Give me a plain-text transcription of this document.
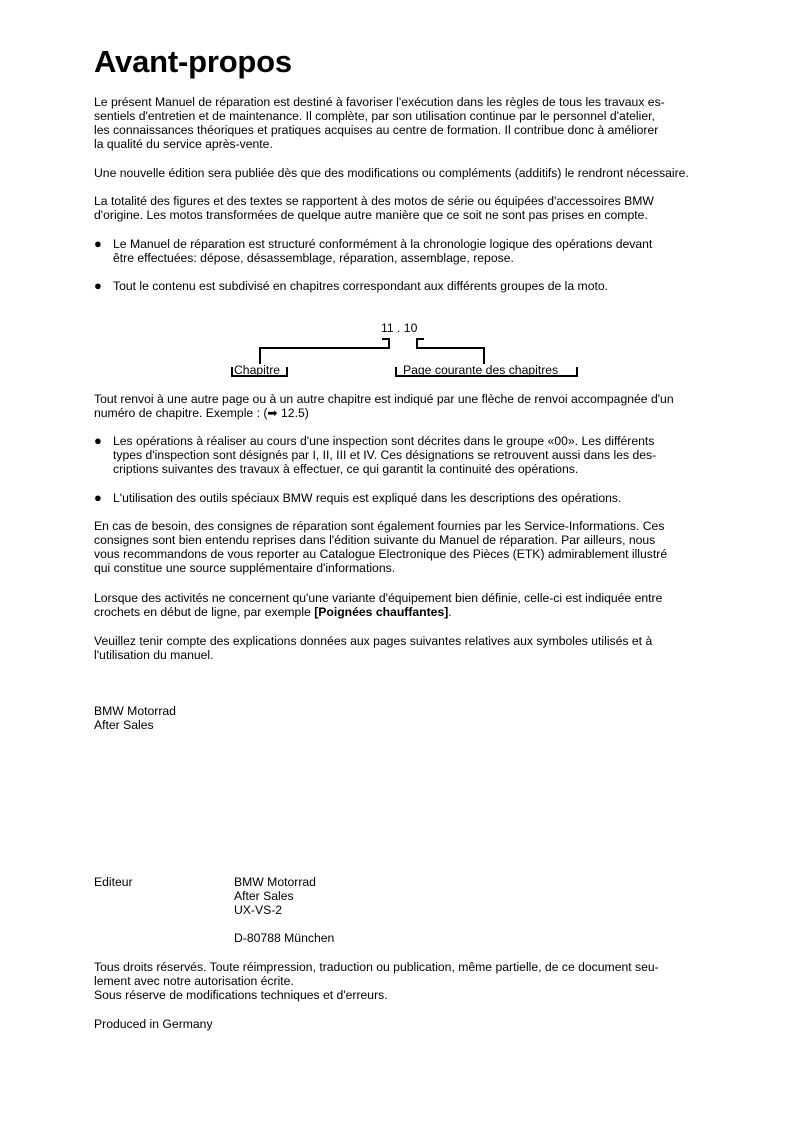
Avant-propos
Le présent Manuel de réparation est destiné à favoriser l'exécution dans les règles de tous les travaux es-
sentiels d'entretien et de maintenance. Il complète, par son utilisation continue par le personnel d'atelier,
les connaissances théoriques et pratiques acquises au centre de formation. Il contribue donc à améliorer
la qualité du service après-vente.
Une nouvelle édition sera publiée dès que des modifications ou compléments (additifs) le rendront nécessaire.
La totalité des figures et des textes se rapportent à des motos de série ou équipées d'accessoires BMW
d'origine. Les motos transformées de quelque autre manière que ce soit ne sont pas prises en compte.
● Le Manuel de réparation est structuré conformément à la chronologie logique des opérations devant
être effectuées: dépose, désassemblage, réparation, assemblage, repose.
● Tout le contenu est subdivisé en chapitres correspondant aux différents groupes de la moto.
11 . 10
Chapitre	Page courante des chapitres
Tout renvoi à une autre page ou à un autre chapitre est indiqué par une flèche de renvoi accompagnée d'un
numéro de chapitre. Exemple : (➡ 12.5)
● Les opérations à réaliser au cours d'une inspection sont décrites dans le groupe «00». Les différents
types d'inspection sont désignés par I, II, III et IV. Ces désignations se retrouvent aussi dans les des-
criptions suivantes des travaux à effectuer, ce qui garantit la continuité des opérations.
● L'utilisation des outils spéciaux BMW requis est expliqué dans les descriptions des opérations.
En cas de besoin, des consignes de réparation sont également fournies par les Service-Informations. Ces
consignes sont bien entendu reprises dans l'édition suivante du Manuel de réparation. Par ailleurs, nous
vous recommandons de vous reporter au Catalogue Electronique des Pièces (ETK) admirablement illustré
qui constitue une source supplémentaire d'informations.
Lorsque des activités ne concernent qu'une variante d'équipement bien définie, celle-ci est indiquée entre
crochets en début de ligne, par exemple [Poignées chauffantes].
Veuillez tenir compte des explications données aux pages suivantes relatives aux symboles utilisés et à
l'utilisation du manuel.
BMW Motorrad
After Sales
Editeur	BMW Motorrad
After Sales
UX-VS-2
D-80788 München
Tous droits réservés. Toute réimpression, traduction ou publication, même partielle, de ce document seu-
lement avec notre autorisation écrite.
Sous réserve de modifications techniques et d'erreurs.
Produced in Germany
